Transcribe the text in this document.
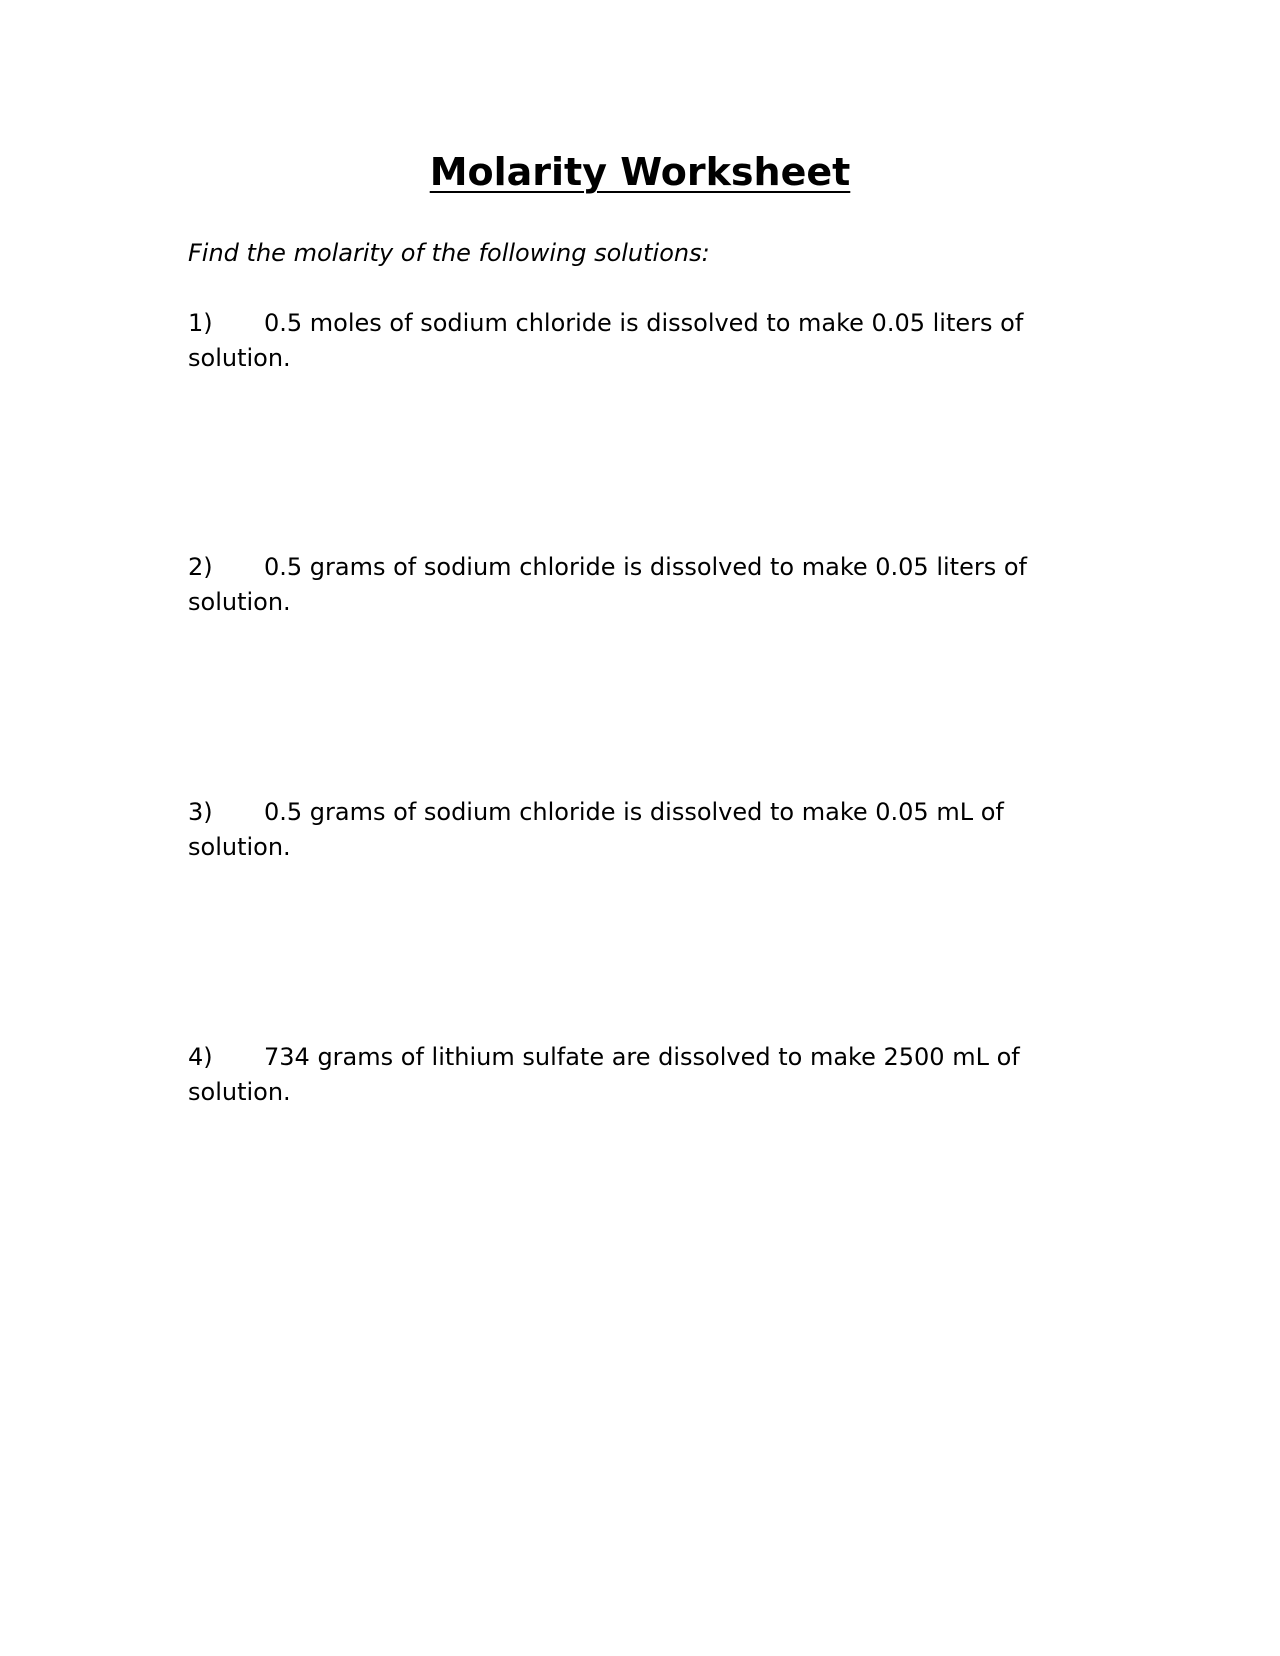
Molarity Worksheet

Find the molarity of the following solutions:

1) 0.5 moles of sodium chloride is dissolved to make 0.05 liters of
solution.
2) 0.5 grams of sodium chloride is dissolved to make 0.05 liters of
solution.
3) 0.5 grams of sodium chloride is dissolved to make 0.05 mL of solution.
4) 734 grams of lithium sulfate are dissolved to make 2500 mL of
solution.
